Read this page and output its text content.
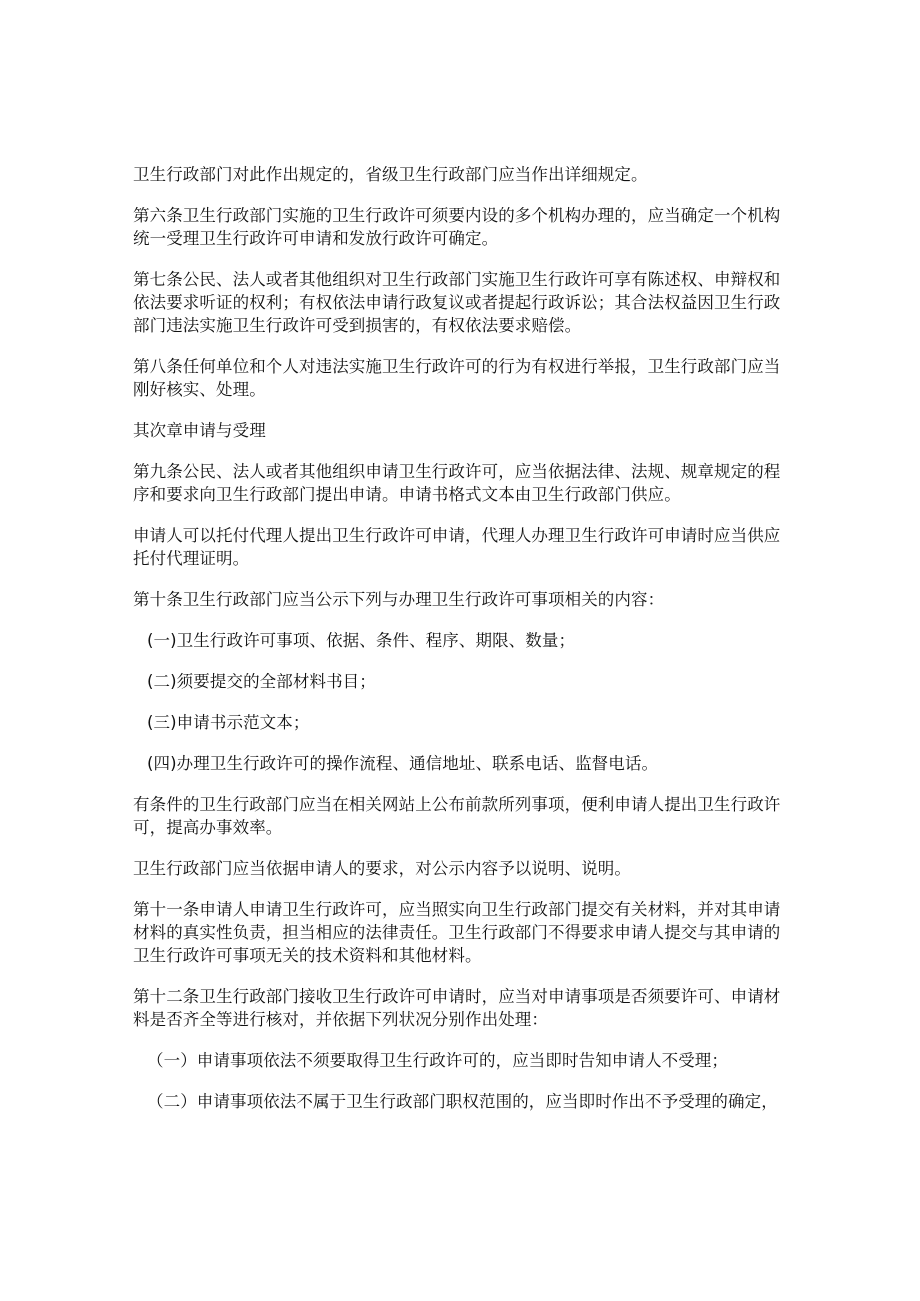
卫生行政部门对此作出规定的，省级卫生行政部门应当作出详细规定。

第六条卫生行政部门实施的卫生行政许可须要内设的多个机构办理的，应当确定一个机构统一受理卫生行政许可申请和发放行政许可确定。

第七条公民、法人或者其他组织对卫生行政部门实施卫生行政许可享有陈述权、申辩权和依法要求听证的权利；有权依法申请行政复议或者提起行政诉讼；其合法权益因卫生行政部门违法实施卫生行政许可受到损害的，有权依法要求赔偿。

第八条任何单位和个人对违法实施卫生行政许可的行为有权进行举报，卫生行政部门应当刚好核实、处理。

其次章申请与受理

第九条公民、法人或者其他组织申请卫生行政许可，应当依据法律、法规、规章规定的程序和要求向卫生行政部门提出申请。申请书格式文本由卫生行政部门供应。

申请人可以托付代理人提出卫生行政许可申请，代理人办理卫生行政许可申请时应当供应托付代理证明。

第十条卫生行政部门应当公示下列与办理卫生行政许可事项相关的内容：

(一)卫生行政许可事项、依据、条件、程序、期限、数量；

(二)须要提交的全部材料书目；

(三)申请书示范文本；

(四)办理卫生行政许可的操作流程、通信地址、联系电话、监督电话。

有条件的卫生行政部门应当在相关网站上公布前款所列事项，便利申请人提出卫生行政许可，提高办事效率。

卫生行政部门应当依据申请人的要求，对公示内容予以说明、说明。

第十一条申请人申请卫生行政许可，应当照实向卫生行政部门提交有关材料，并对其申请材料的真实性负责，担当相应的法律责任。卫生行政部门不得要求申请人提交与其申请的卫生行政许可事项无关的技术资料和其他材料。

第十二条卫生行政部门接收卫生行政许可申请时，应当对申请事项是否须要许可、申请材料是否齐全等进行核对，并依据下列状况分别作出处理：

（一）申请事项依法不须要取得卫生行政许可的，应当即时告知申请人不受理；

（二）申请事项依法不属于卫生行政部门职权范围的，应当即时作出不予受理的确定，
